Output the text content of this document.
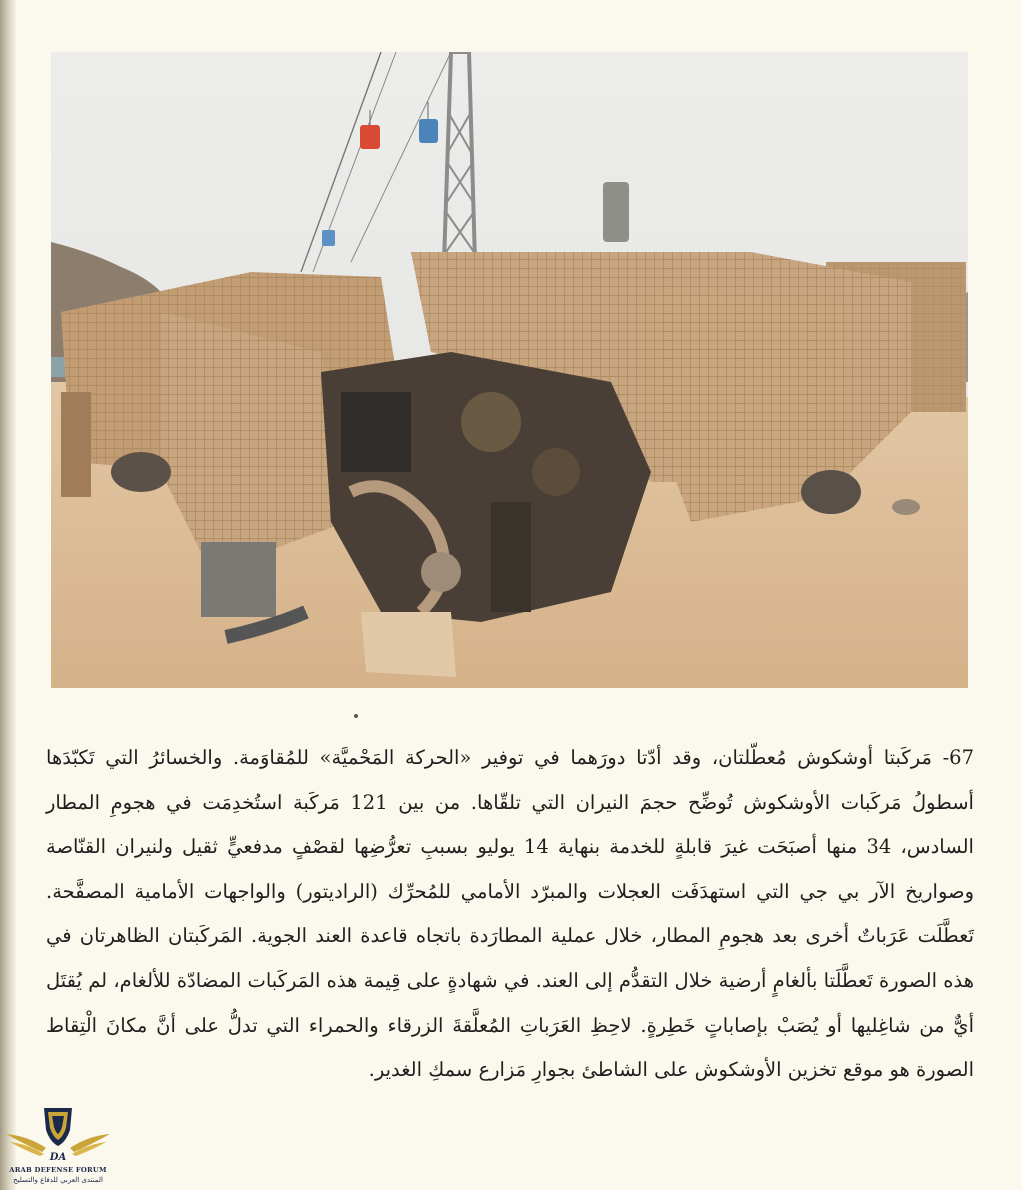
67- مَركَبتا أوشكوش مُعطّلتان، وقد أدّتا دورَهما في توفير «الحركة المَحْميَّة» للمُقاوَمة. والخسائرُ التي تَكبّدَها أسطولُ مَركَبات الأوشكوش تُوضِّح حجمَ النيران التي تلقّاها. من بين 121 مَركَبة استُخدِمَت في هجومِ المطار السادس، 34 منها أصبَحَت غيرَ قابلةٍ للخدمة بنهاية 14 يوليو بسببِ تعرُّضِها لقصْفٍ مدفعيٍّ ثقيل ولنيران القنّاصة وصواريخ الآر بي جي التي استهدَفَت العجلات والمبرّد الأمامي للمُحرِّك (الراديتور) والواجهات الأمامية المصفَّحة. تَعطَّلَت عَرَباتٌ أخرى بعد هجومِ المطار، خلال عملية المطارَدة باتجاه قاعدة العند الجوية. المَركَبتان الظاهرتان في هذه الصورة تَعطَّلَتا بألغامٍ أرضية خلال التقدُّم إلى العند. في شهادةٍ على قِيمة هذه المَركَبات المضادّة للألغام، لم يُقتَل أيٌّ من شاغِليها أو يُصَبْ بإصاباتٍ خَطِرةٍ. لاحِظِ العَرَباتِ المُعلَّقةَ الزرقاء والحمراء التي تدلُّ على أنَّ مكانَ الْتِقاط الصورة هو موقع تخزين الأوشكوش على الشاطئ بجوارِ مَزارع سمكِ الغدير.
DA
ARAB DEFENSE FORUM
المنتدى العربي للدفاع والتسليح
